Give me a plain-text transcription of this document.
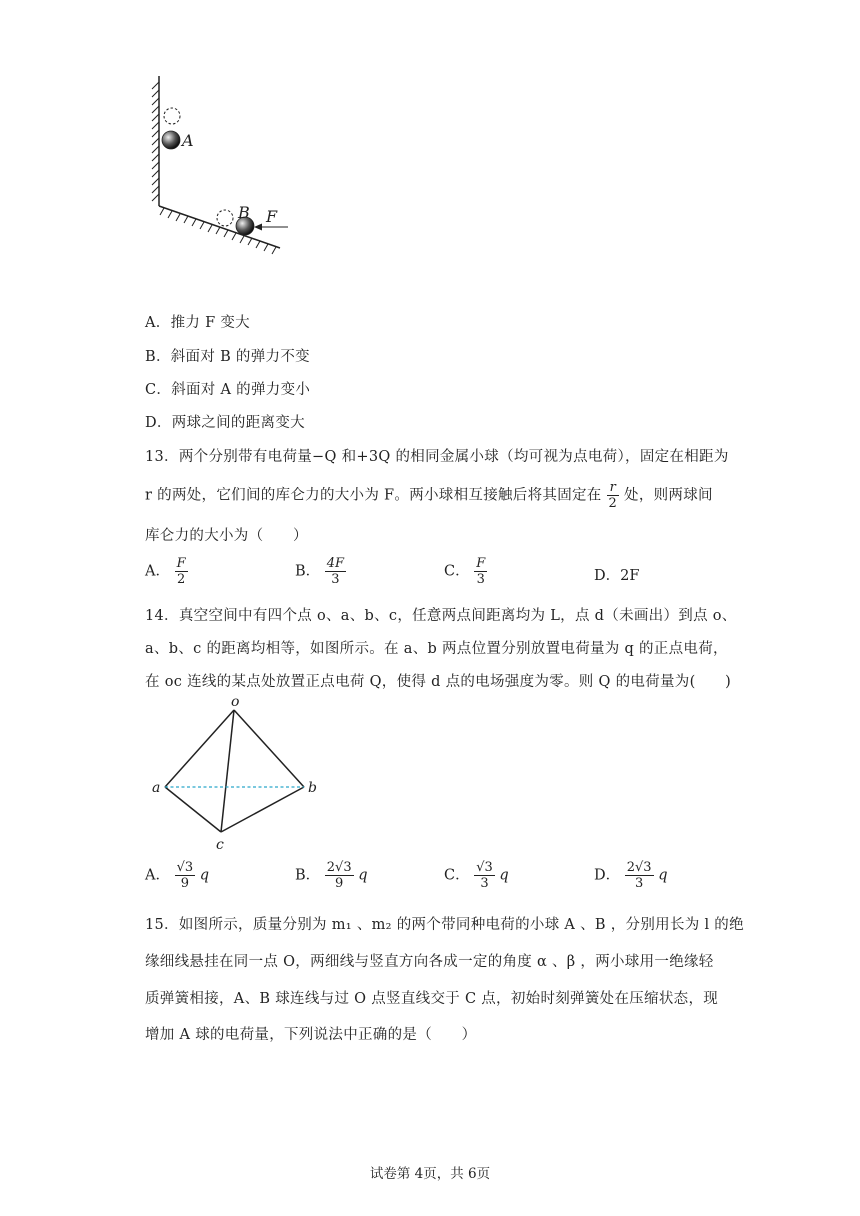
A
B F
A．推力 F 变大
B．斜面对 B 的弹力不变
C．斜面对 A 的弹力变小
D．两球之间的距离变大
13．两个分别带有电荷量−Q 和+3Q 的相同金属小球（均可视为点电荷），固定在相距为
r 的两处，它们间的库仑力的大小为 F。两小球相互接触后将其固定在 $\frac{r}{2}$ 处，则两球间
库仑力的大小为（　　）
A． $\frac{F}{2}$	B． $\frac{4F}{3}$	C． $\frac{F}{3}$	D．2F
14．真空空间中有四个点 o、a、b、c，任意两点间距离均为 L，点 d（未画出）到点 o、
a、b、c 的距离均相等，如图所示。在 a、b 两点位置分别放置电荷量为 q 的正点电荷，
在 oc 连线的某点处放置正点电荷 Q，使得 d 点的电场强度为零。则 Q 的电荷量为(　　)
o
a	b
c
A． $\frac{√3}{9}$ q	B． $\frac{2√3}{9}$ q	C． $\frac{√3}{3}$ q	D． $\frac{2√3}{3}$ q
15．如图所示，质量分别为 m₁ 、m₂ 的两个带同种电荷的小球 A 、B ，分别用长为 l 的绝
缘细线悬挂在同一点 O，两细线与竖直方向各成一定的角度 α 、β ，两小球用一绝缘轻
质弹簧相接，A、B 球连线与过 O 点竖直线交于 C 点，初始时刻弹簧处在压缩状态，现
增加 A 球的电荷量，下列说法中正确的是（　　）
试卷第 4页，共 6页
